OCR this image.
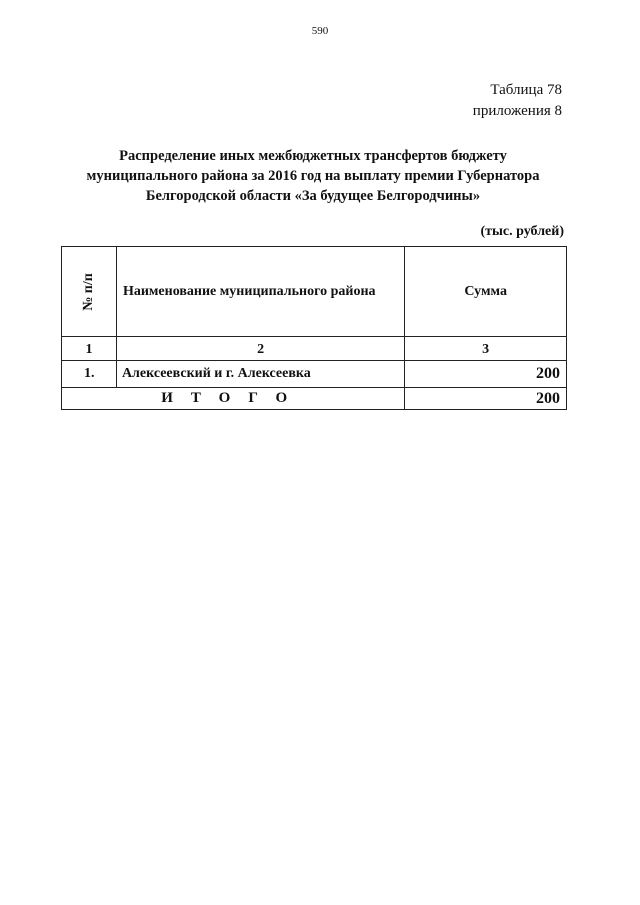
590
Таблица 78
приложения 8
Распределение иных межбюджетных трансфертов бюджету
муниципального района за 2016 год на выплату премии Губернатора
Белгородской области «За будущее Белгородчины»
(тыс. рублей)
№ п/п	Наименование муниципального района	Сумма
1	2	3
1.	Алексеевский и г. Алексеевка	200
ИТОГО		200
